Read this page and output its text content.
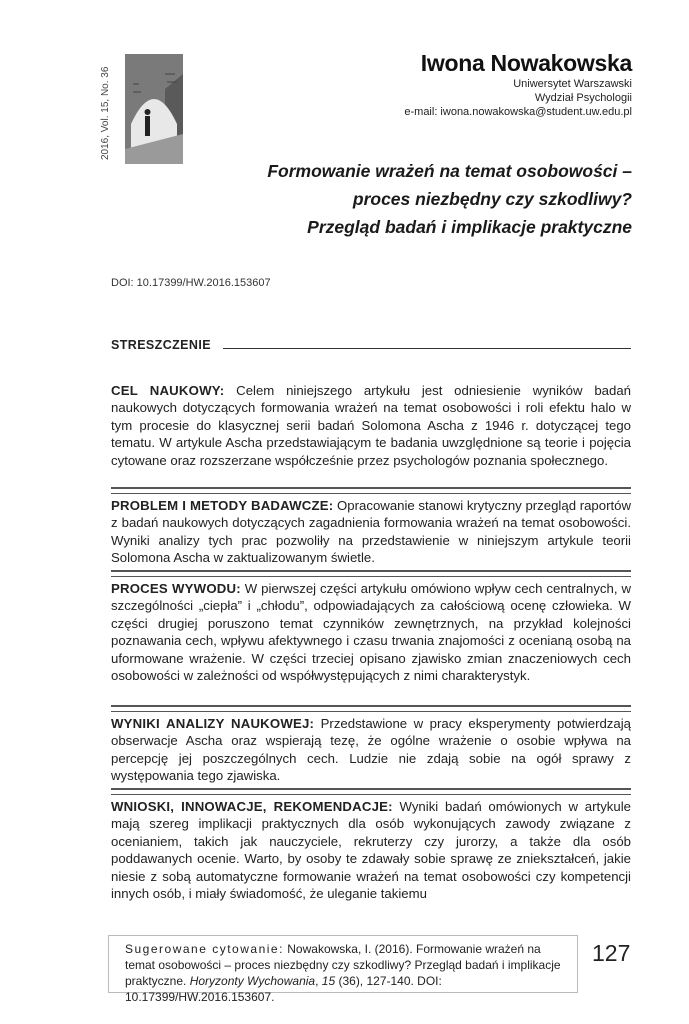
2016, Vol. 15, No. 36
Iwona Nowakowska
Uniwersytet Warszawski
Wydział Psychologii
e-mail: iwona.nowakowska@student.uw.edu.pl
Formowanie wrażeń na temat osobowości –
proces niezbędny czy szkodliwy?
Przegląd badań i implikacje praktyczne
DOI: 10.17399/HW.2016.153607
STRESZCZENIE
CEL NAUKOWY: Celem niniejszego artykułu jest odniesienie wyników badań naukowych dotyczących formowania wrażeń na temat osobowości i roli efektu halo w tym procesie do klasycznej serii badań Solomona Ascha z 1946 r. dotyczącej tego tematu. W artykule Ascha przedstawiającym te badania uwzględnione są teorie i pojęcia cytowane oraz rozszerzane współcześnie przez psychologów poznania społecznego.
PROBLEM I METODY BADAWCZE: Opracowanie stanowi krytyczny przegląd raportów z badań naukowych dotyczących zagadnienia formowania wrażeń na temat osobowości. Wyniki analizy tych prac pozwoliły na przedstawienie w niniejszym artykule teorii Solomona Ascha w zaktualizowanym świetle.
PROCES WYWODU: W pierwszej części artykułu omówiono wpływ cech centralnych, w szczególności „ciepła” i „chłodu”, odpowiadających za całościową ocenę człowieka. W części drugiej poruszono temat czynników zewnętrznych, na przykład kolejności poznawania cech, wpływu afektywnego i czasu trwania znajomości z ocenianą osobą na uformowane wrażenie. W części trzeciej opisano zjawisko zmian znaczeniowych cech osobowości w zależności od współwystępujących z nimi charakterystyk.
WYNIKI ANALIZY NAUKOWEJ: Przedstawione w pracy eksperymenty potwierdzają obserwacje Ascha oraz wspierają tezę, że ogólne wrażenie o osobie wpływa na percepcję jej poszczególnych cech. Ludzie nie zdają sobie na ogół sprawy z występowania tego zjawiska.
WNIOSKI, INNOWACJE, REKOMENDACJE: Wyniki badań omówionych w artykule mają szereg implikacji praktycznych dla osób wykonujących zawody związane z ocenianiem, takich jak nauczyciele, rekruterzy czy jurorzy, a także dla osób poddawanych ocenie. Warto, by osoby te zdawały sobie sprawę ze zniekształceń, jakie niesie z sobą automatyczne formowanie wrażeń na temat osobowości czy kompetencji innych osób, i miały świadomość, że uleganie takiemu
Sugerowane cytowanie: Nowakowska, I. (2016). Formowanie wrażeń na temat osobowości – proces niezbędny czy szkodliwy? Przegląd badań i implikacje praktyczne. Horyzonty Wychowania, 15 (36), 127-140. DOI: 10.17399/HW.2016.153607.
127
